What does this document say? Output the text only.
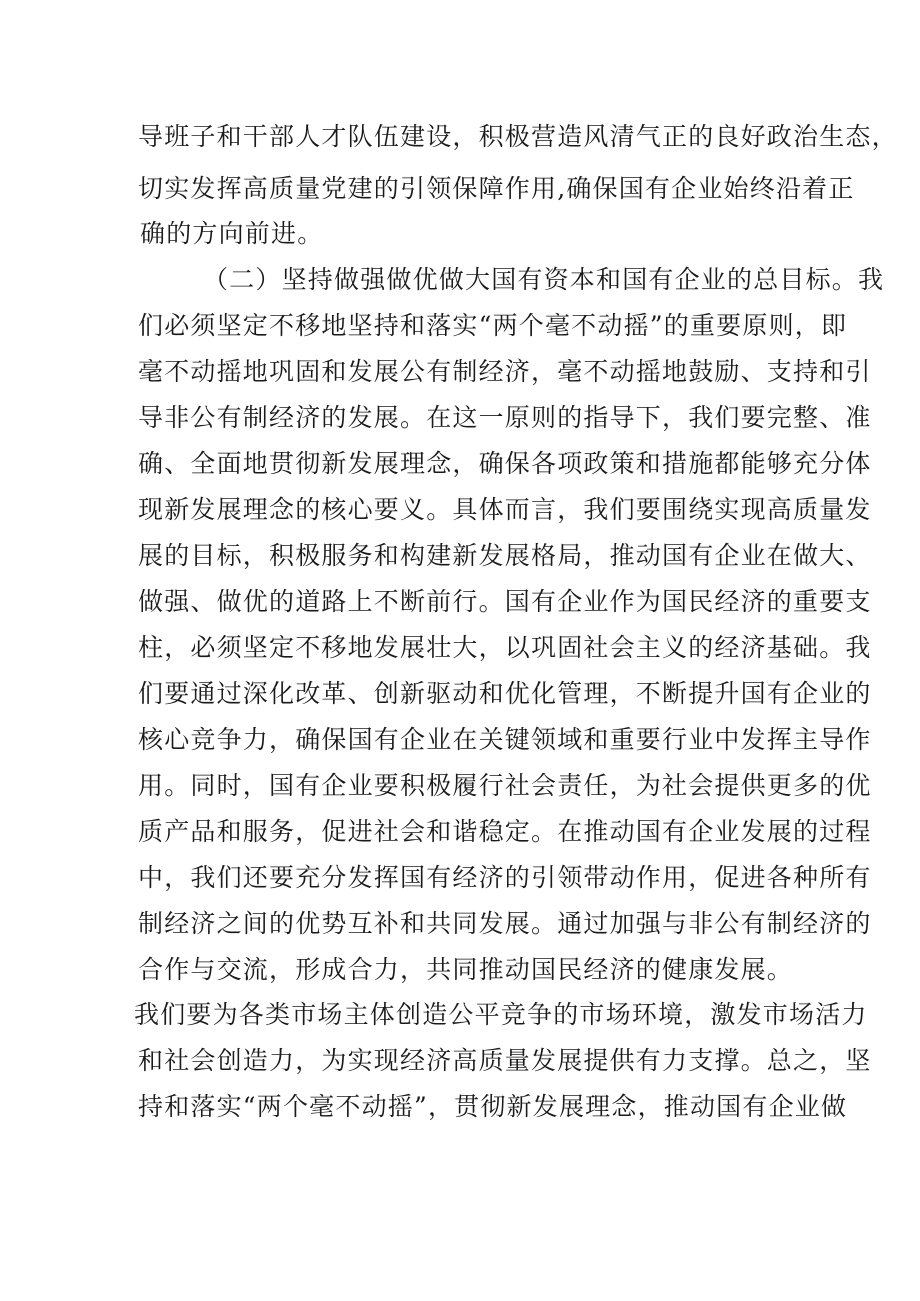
导班子和干部人才队伍建设，积极营造风清气正的良好政治生态，
切实发挥高质量党建的引领保障作用,确保国有企业始终沿着正
确的方向前进。
（二）坚持做强做优做大国有资本和国有企业的总目标。我
们必须坚定不移地坚持和落实“两个毫不动摇”的重要原则，即
毫不动摇地巩固和发展公有制经济，毫不动摇地鼓励、支持和引
导非公有制经济的发展。在这一原则的指导下，我们要完整、准
确、全面地贯彻新发展理念，确保各项政策和措施都能够充分体
现新发展理念的核心要义。具体而言，我们要围绕实现高质量发
展的目标，积极服务和构建新发展格局，推动国有企业在做大、
做强、做优的道路上不断前行。国有企业作为国民经济的重要支
柱，必须坚定不移地发展壮大，以巩固社会主义的经济基础。我
们要通过深化改革、创新驱动和优化管理，不断提升国有企业的
核心竞争力，确保国有企业在关键领域和重要行业中发挥主导作
用。同时，国有企业要积极履行社会责任，为社会提供更多的优
质产品和服务，促进社会和谐稳定。在推动国有企业发展的过程
中，我们还要充分发挥国有经济的引领带动作用，促进各种所有
制经济之间的优势互补和共同发展。通过加强与非公有制经济的
合作与交流，形成合力，共同推动国民经济的健康发展。
我们要为各类市场主体创造公平竞争的市场环境，激发市场活力
和社会创造力，为实现经济高质量发展提供有力支撑。总之，坚
持和落实“两个毫不动摇”，贯彻新发展理念，推动国有企业做
